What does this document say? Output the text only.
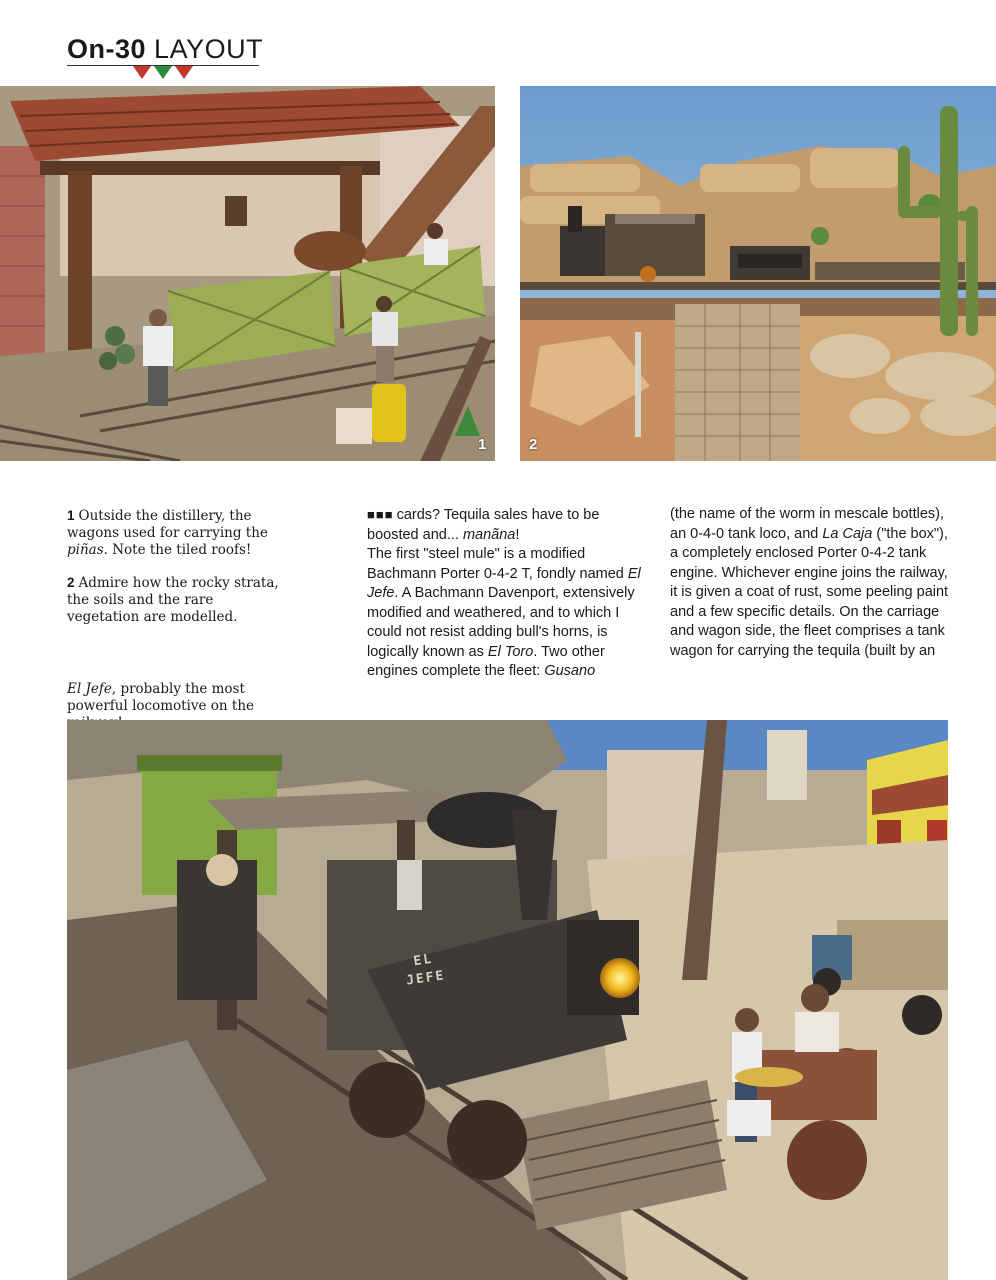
On-30 LAYOUT
1	2
1 Outside the distillery, the wagons used for carrying the piñas. Note the tiled roofs!
2 Admire how the rocky strata, the soils and the rare vegetation are modelled.
El Jefe, probably the most powerful locomotive on the

■■■ cards? Tequila sales have to be boosted and... manãna!

The first "steel mule" is a modified Bachmann Porter 0-4-2 T, fondly named El Jefe. A Bachmann Davenport, extensively modified and weathered, and to which I could not resist adding bull's horns, is logically known as El Toro. Two other engines complete the fleet: Gusano

(the name of the worm in mescale bottles), an 0-4-0 tank loco, and La Caja ("the box"), a completely enclosed Porter 0-4-2 tank engine. Whichever engine joins the railway, it is given a coat of rust, some peeling paint and a few specific details. On the carriage and wagon side, the fleet comprises a tank wagon for carrying the tequila (built by an

EL
JEFE
